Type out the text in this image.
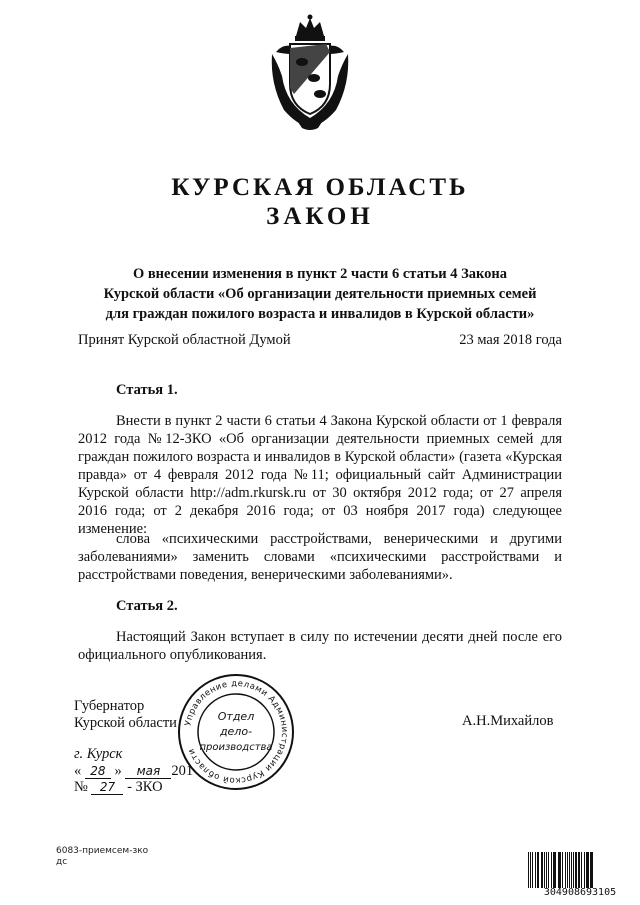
КУРСКАЯ ОБЛАСТЬ
ЗАКОН
О внесении изменения в пункт 2 части 6 статьи 4 Закона
Курской области «Об организации деятельности приемных семей
для граждан пожилого возраста и инвалидов в Курской области»
Принят Курской областной Думой	23 мая 2018 года
Статья 1.
Внести в пункт 2 части 6 статьи 4 Закона Курской области от 1 февраля 2012 года №12-ЗКО «Об организации деятельности приемных семей для граждан пожилого возраста и инвалидов в Курской области» (газета «Курская правда» от 4 февраля 2012 года №11; официальный сайт Администрации Курской области http://adm.rkursk.ru от 30 октября 2012 года; от 27 апреля 2016 года; от 2 декабря 2016 года; от 03 ноября 2017 года) следующее изменение:
слова «психическими расстройствами, венерическими и другими заболеваниями» заменить словами «психическими расстройствами и расстройствами поведения, венерическими заболеваниями».
Статья 2.
Настоящий Закон вступает в силу по истечении десяти дней после его официального опубликования.
Губернатор
Курской области	А.Н.Михайлов
г. Курск
« 28 » мая 201
№ 27 - ЗКО
Управление делами Администрации Курской области
Отдел
дело-
производства
6083-приемсем-зко
дс
304908693105
